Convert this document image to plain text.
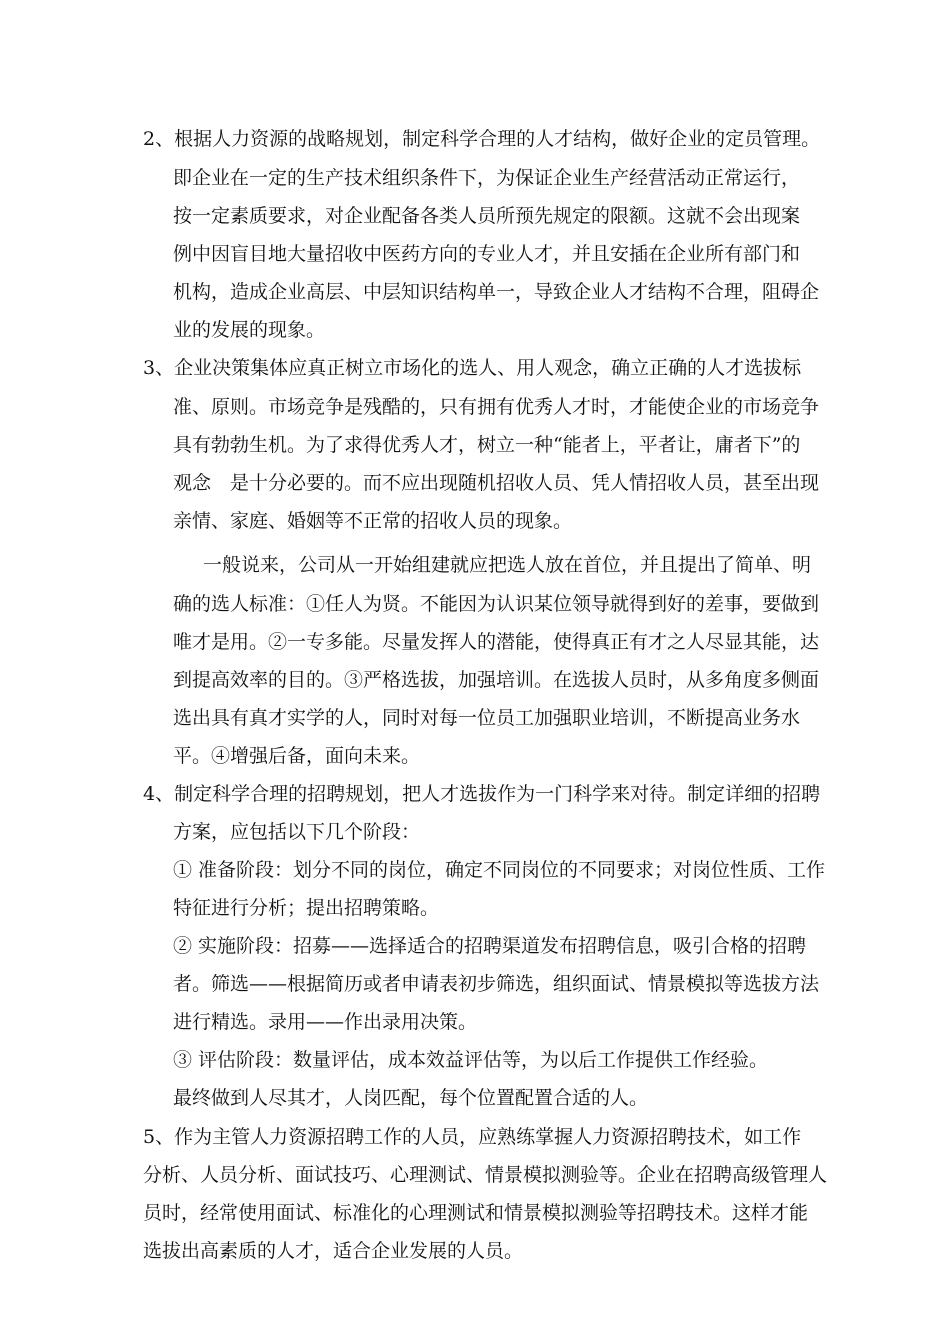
2、根据人力资源的战略规划，制定科学合理的人才结构，做好企业的定员管理。
即企业在一定的生产技术组织条件下，为保证企业生产经营活动正常运行，
按一定素质要求，对企业配备各类人员所预先规定的限额。这就不会出现案
例中因盲目地大量招收中医药方向的专业人才，并且安插在企业所有部门和
机构，造成企业高层、中层知识结构单一，导致企业人才结构不合理，阻碍企
业的发展的现象。
3、企业决策集体应真正树立市场化的选人、用人观念，确立正确的人才选拔标
准、原则。市场竞争是残酷的，只有拥有优秀人才时，才能使企业的市场竞争
具有勃勃生机。为了求得优秀人才，树立一种“能者上，平者让，庸者下”的
观念　是十分必要的。而不应出现随机招收人员、凭人情招收人员，甚至出现
亲情、家庭、婚姻等不正常的招收人员的现象。
一般说来，公司从一开始组建就应把选人放在首位，并且提出了简单、明
确的选人标准：①任人为贤。不能因为认识某位领导就得到好的差事，要做到
唯才是用。②一专多能。尽量发挥人的潜能，使得真正有才之人尽显其能，达
到提高效率的目的。③严格选拔，加强培训。在选拔人员时，从多角度多侧面
选出具有真才实学的人，同时对每一位员工加强职业培训，不断提高业务水
平。④增强后备，面向未来。
4、制定科学合理的招聘规划，把人才选拔作为一门科学来对待。制定详细的招聘
方案，应包括以下几个阶段：
① 准备阶段：划分不同的岗位，确定不同岗位的不同要求；对岗位性质、工作
特征进行分析；提出招聘策略。
② 实施阶段：招募——选择适合的招聘渠道发布招聘信息，吸引合格的招聘
者。筛选——根据简历或者申请表初步筛选，组织面试、情景模拟等选拔方法
进行精选。录用——作出录用决策。
③ 评估阶段：数量评估，成本效益评估等，为以后工作提供工作经验。
最终做到人尽其才，人岗匹配，每个位置配置合适的人。
5、作为主管人力资源招聘工作的人员，应熟练掌握人力资源招聘技术，如工作
分析、人员分析、面试技巧、心理测试、情景模拟测验等。企业在招聘高级管理人
员时，经常使用面试、标准化的心理测试和情景模拟测验等招聘技术。这样才能
选拔出高素质的人才，适合企业发展的人员。
